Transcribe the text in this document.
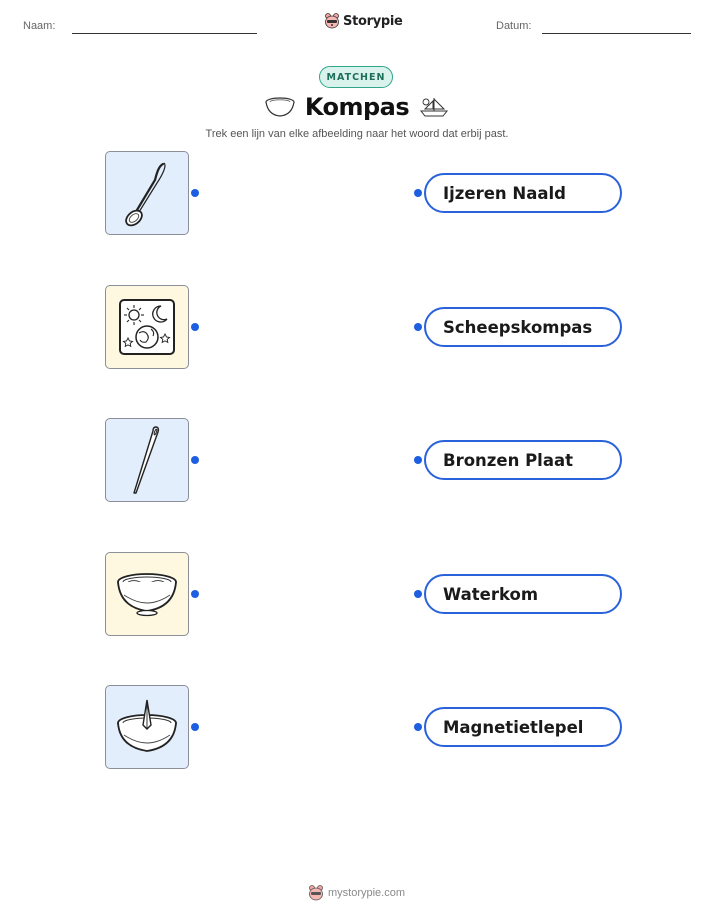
Naam:	Storypie	Datum:
MATCHEN
Kompas
Trek een lijn van elke afbeelding naar het woord dat erbij past.
Ijzeren Naald
Scheepskompas
Bronzen Plaat
Waterkom
Magnetietlepel
mystorypie.com
